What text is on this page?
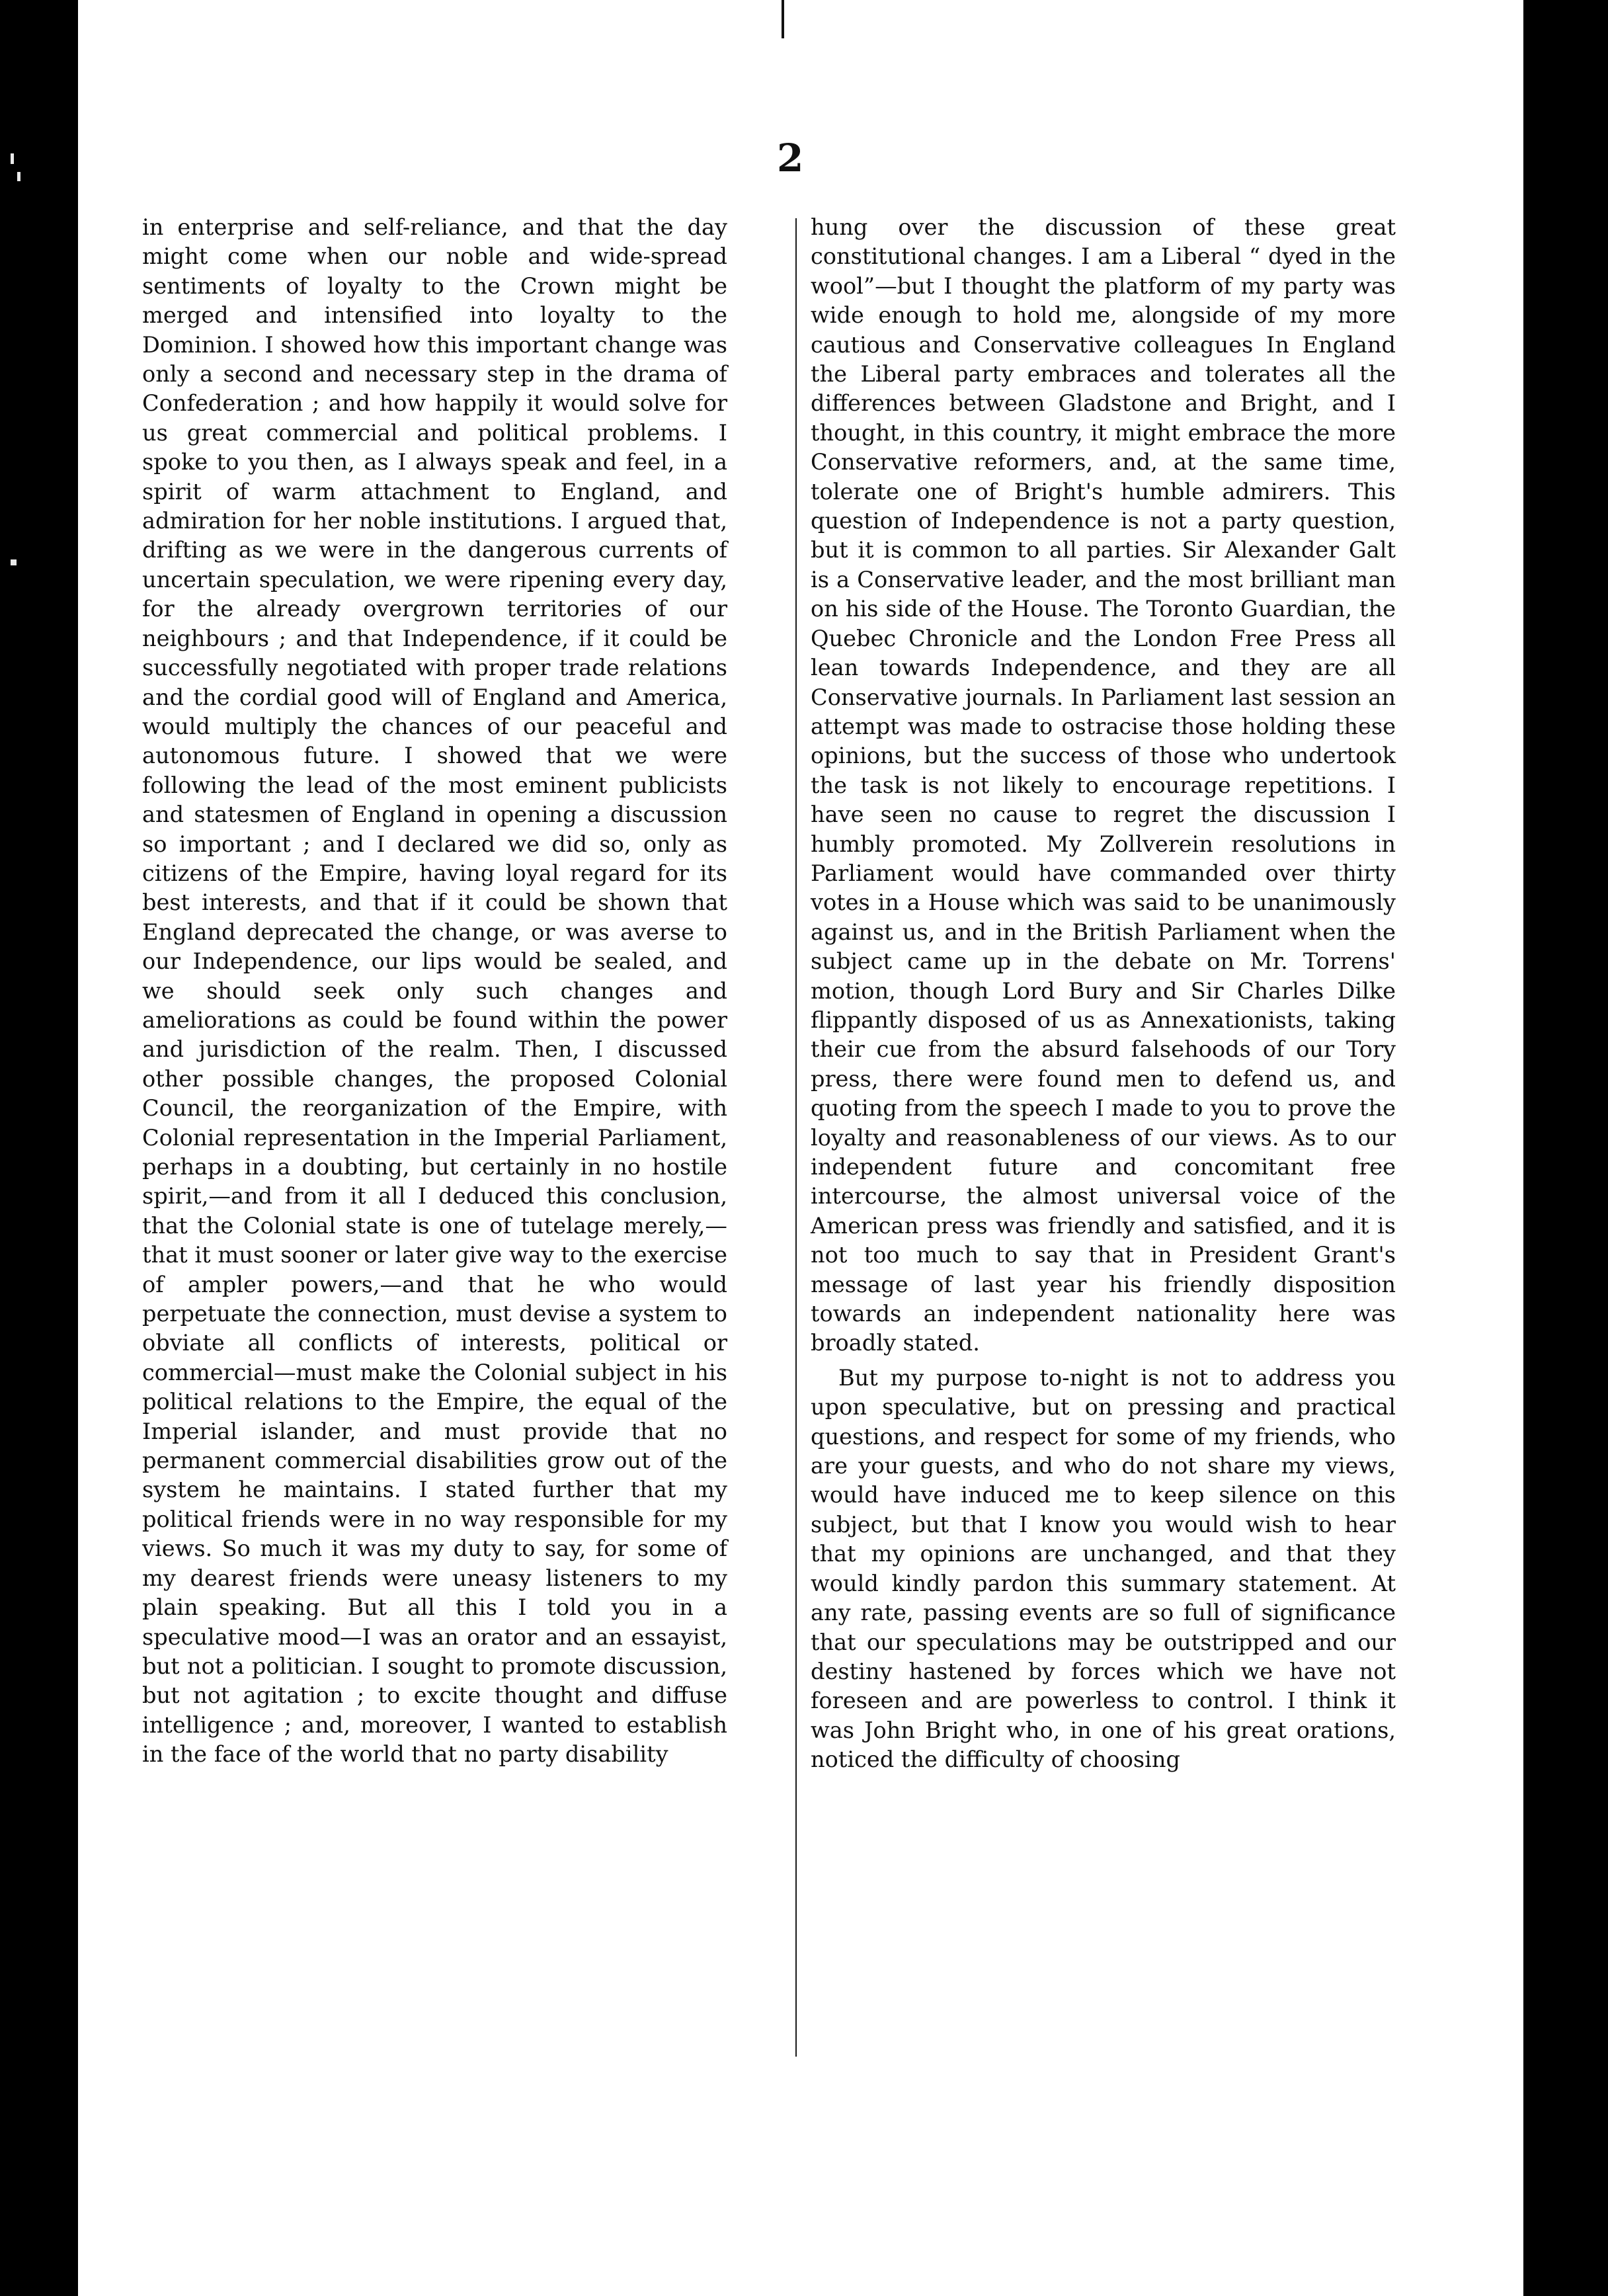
2

in enterprise and self-reliance, and that the day might come when our noble and wide-spread sentiments of loyalty to the Crown might be merged and intensified into loyalty to the Dominion. I showed how this important change was only a second and necessary step in the drama of Confederation ; and how happily it would solve for us great commercial and political problems. I spoke to you then, as I always speak and feel, in a spirit of warm attachment to England, and admiration for her noble institutions. I argued that, drifting as we were in the dangerous currents of uncertain speculation, we were ripening every day, for the already overgrown territories of our neighbours ; and that Independence, if it could be successfully negotiated with proper trade relations and the cordial good will of England and America, would multiply the chances of our peaceful and autonomous future. I showed that we were following the lead of the most eminent publicists and statesmen of England in opening a discussion so important ; and I declared we did so, only as citizens of the Empire, having loyal regard for its best interests, and that if it could be shown that England deprecated the change, or was averse to our Independence, our lips would be sealed, and we should seek only such changes and ameliorations as could be found within the power and jurisdiction of the realm. Then, I discussed other possible changes, the proposed Colonial Council, the reorganization of the Empire, with Colonial representation in the Imperial Parliament, perhaps in a doubting, but certainly in no hostile spirit,—and from it all I deduced this conclusion, that the Colonial state is one of tutelage merely,—that it must sooner or later give way to the exercise of ampler powers,—and that he who would perpetuate the connection, must devise a system to obviate all conflicts of interests, political or commercial—must make the Colonial subject in his political relations to the Empire, the equal of the Imperial islander, and must provide that no permanent commercial disabilities grow out of the system he maintains. I stated further that my political friends were in no way responsible for my views. So much it was my duty to say, for some of my dearest friends were uneasy listeners to my plain speaking. But all this I told you in a speculative mood—I was an orator and an essayist, but not a politician. I sought to promote discussion, but not agitation ; to excite thought and diffuse intelligence ; and, moreover, I wanted to establish in the face of the world that no party disability

hung over the discussion of these great constitutional changes. I am a Liberal “ dyed in the wool”—but I thought the platform of my party was wide enough to hold me, alongside of my more cautious and Conservative colleagues In England the Liberal party embraces and tolerates all the differences between Gladstone and Bright, and I thought, in this country, it might embrace the more Conservative reformers, and, at the same time, tolerate one of Bright's humble admirers. This question of Independence is not a party question, but it is common to all parties. Sir Alexander Galt is a Conservative leader, and the most brilliant man on his side of the House. The Toronto Guardian, the Quebec Chronicle and the London Free Press all lean towards Independence, and they are all Conservative journals. In Parliament last session an attempt was made to ostracise those holding these opinions, but the success of those who undertook the task is not likely to encourage repetitions. I have seen no cause to regret the discussion I humbly promoted. My Zollverein resolutions in Parliament would have commanded over thirty votes in a House which was said to be unanimously against us, and in the British Parliament when the subject came up in the debate on Mr. Torrens' motion, though Lord Bury and Sir Charles Dilke flippantly disposed of us as Annexationists, taking their cue from the absurd falsehoods of our Tory press, there were found men to defend us, and quoting from the speech I made to you to prove the loyalty and reasonableness of our views. As to our independent future and concomitant free intercourse, the almost universal voice of the American press was friendly and satisfied, and it is not too much to say that in President Grant's message of last year his friendly disposition towards an independent nationality here was broadly stated.

But my purpose to-night is not to address you upon speculative, but on pressing and practical questions, and respect for some of my friends, who are your guests, and who do not share my views, would have induced me to keep silence on this subject, but that I know you would wish to hear that my opinions are unchanged, and that they would kindly pardon this summary statement. At any rate, passing events are so full of significance that our speculations may be outstripped and our destiny hastened by forces which we have not foreseen and are powerless to control. I think it was John Bright who, in one of his great orations, noticed the difficulty of choosing
